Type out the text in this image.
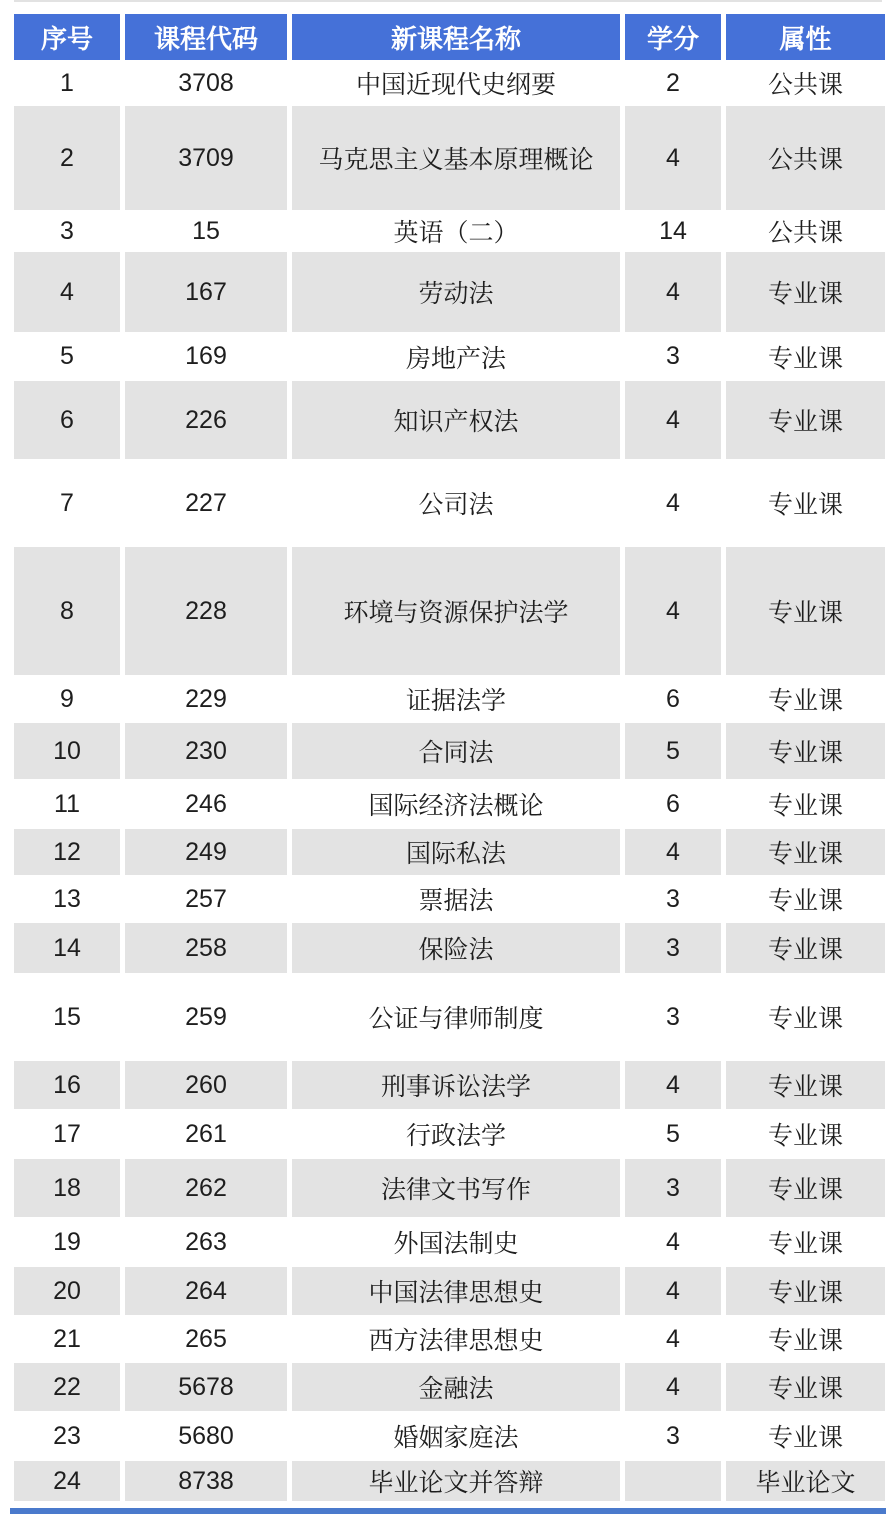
序号	课程代码	新课程名称	学分	属性
1	3708	中国近现代史纲要	2	公共课
2	3709	马克思主义基本原理概论	4	公共课
3	15	英语（二）	14	公共课
4	167	劳动法	4	专业课
5	169	房地产法	3	专业课
6	226	知识产权法	4	专业课
7	227	公司法	4	专业课
8	228	环境与资源保护法学	4	专业课
9	229	证据法学	6	专业课
10	230	合同法	5	专业课
11	246	国际经济法概论	6	专业课
12	249	国际私法	4	专业课
13	257	票据法	3	专业课
14	258	保险法	3	专业课
15	259	公证与律师制度	3	专业课
16	260	刑事诉讼法学	4	专业课
17	261	行政法学	5	专业课
18	262	法律文书写作	3	专业课
19	263	外国法制史	4	专业课
20	264	中国法律思想史	4	专业课
21	265	西方法律思想史	4	专业课
22	5678	金融法	4	专业课
23	5680	婚姻家庭法	3	专业课
24	8738	毕业论文并答辩		毕业论文
